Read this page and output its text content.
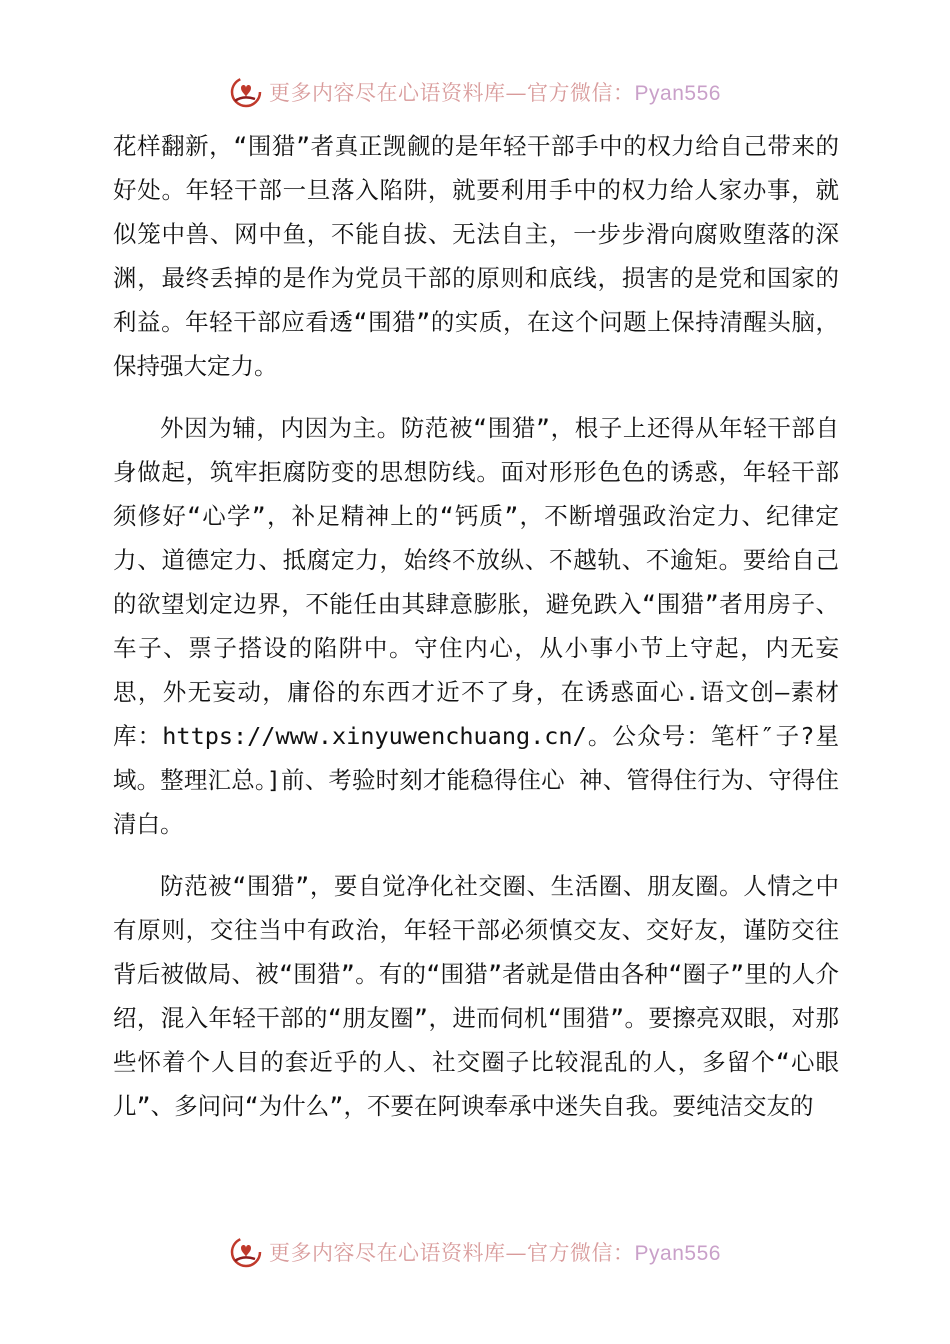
更多内容尽在心语资料库—官方微信：Pyan556

花样翻新，“围猎”者真正觊觎的是年轻干部手中的权力给自己带来的好处。年轻干部一旦落入陷阱，就要利用手中的权力给人家办事，就似笼中兽、网中鱼，不能自拔、无法自主，一步步滑向腐败堕落的深渊，最终丢掉的是作为党员干部的原则和底线，损害的是党和国家的利益。年轻干部应看透“围猎”的实质，在这个问题上保持清醒头脑，保持强大定力。

外因为辅，内因为主。防范被“围猎”，根子上还得从年轻干部自身做起，筑牢拒腐防变的思想防线。面对形形色色的诱惑，年轻干部须修好“心学”，补足精神上的“钙质”，不断增强政治定力、纪律定力、道德定力、抵腐定力，始终不放纵、不越轨、不逾矩。要给自己的欲望划定边界，不能任由其肆意膨胀，避免跌入“围猎”者用房子、车子、票子搭设的陷阱中。守住内心，从小事小节上守起，内无妄思，外无妄动，庸俗的东西才近不了身，在诱惑面心.语文创—素材库：https://www.xinyuwenchuang.cn/。公众号：笔杆″子?星域。整理汇总。]前、考验时刻才能稳得住心 神、管得住行为、守得住清白。

防范被“围猎”，要自觉净化社交圈、生活圈、朋友圈。人情之中有原则，交往当中有政治，年轻干部必须慎交友、交好友，谨防交往背后被做局、被“围猎”。有的“围猎”者就是借由各种“圈子”里的人介绍，混入年轻干部的“朋友圈”，进而伺机“围猎”。要擦亮双眼，对那些怀着个人目的套近乎的人、社交圈子比较混乱的人，多留个“心眼儿”、多问问“为什么”，不要在阿谀奉承中迷失自我。要纯洁交友的

更多内容尽在心语资料库—官方微信：Pyan556
